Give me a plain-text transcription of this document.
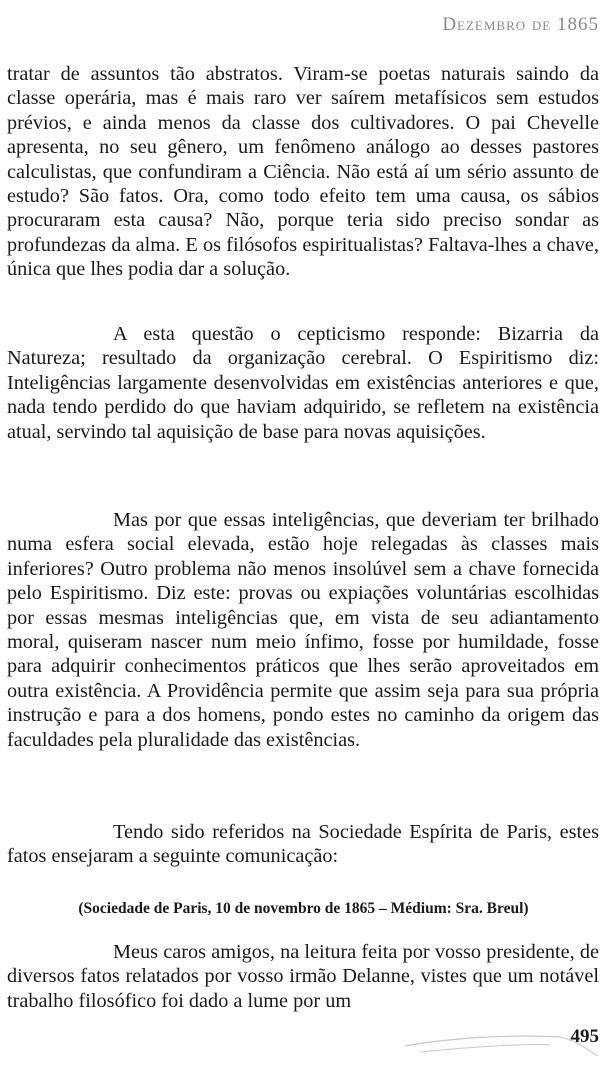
Dezembro de 1865

tratar de assuntos tão abstratos. Viram-se poetas naturais saindo da classe operária, mas é mais raro ver saírem metafísicos sem estudos prévios, e ainda menos da classe dos cultivadores. O pai Chevelle apresenta, no seu gênero, um fenômeno análogo ao desses pastores calculistas, que confundiram a Ciência. Não está aí um sério assunto de estudo? São fatos. Ora, como todo efeito tem uma causa, os sábios procuraram esta causa? Não, porque teria sido preciso sondar as profundezas da alma. E os filósofos espiritualistas? Faltava-lhes a chave, única que lhes podia dar a solução.

A esta questão o cepticismo responde: Bizarria da Natureza; resultado da organização cerebral. O Espiritismo diz: Inteligências largamente desenvolvidas em existências anteriores e que, nada tendo perdido do que haviam adquirido, se refletem na existência atual, servindo tal aquisição de base para novas aquisições.

Mas por que essas inteligências, que deveriam ter brilhado numa esfera social elevada, estão hoje relegadas às classes mais inferiores? Outro problema não menos insolúvel sem a chave fornecida pelo Espiritismo. Diz este: provas ou expiações voluntárias escolhidas por essas mesmas inteligências que, em vista de seu adiantamento moral, quiseram nascer num meio ínfimo, fosse por humildade, fosse para adquirir conhecimentos práticos que lhes serão aproveitados em outra existência. A Providência permite que assim seja para sua própria instrução e para a dos homens, pondo estes no caminho da origem das faculdades pela pluralidade das existências.

Tendo sido referidos na Sociedade Espírita de Paris, estes fatos ensejaram a seguinte comunicação:

(Sociedade de Paris, 10 de novembro de 1865 – Médium: Sra. Breul)

Meus caros amigos, na leitura feita por vosso presidente, de diversos fatos relatados por vosso irmão Delanne, vistes que um notável trabalho filosófico foi dado a lume por um

495
